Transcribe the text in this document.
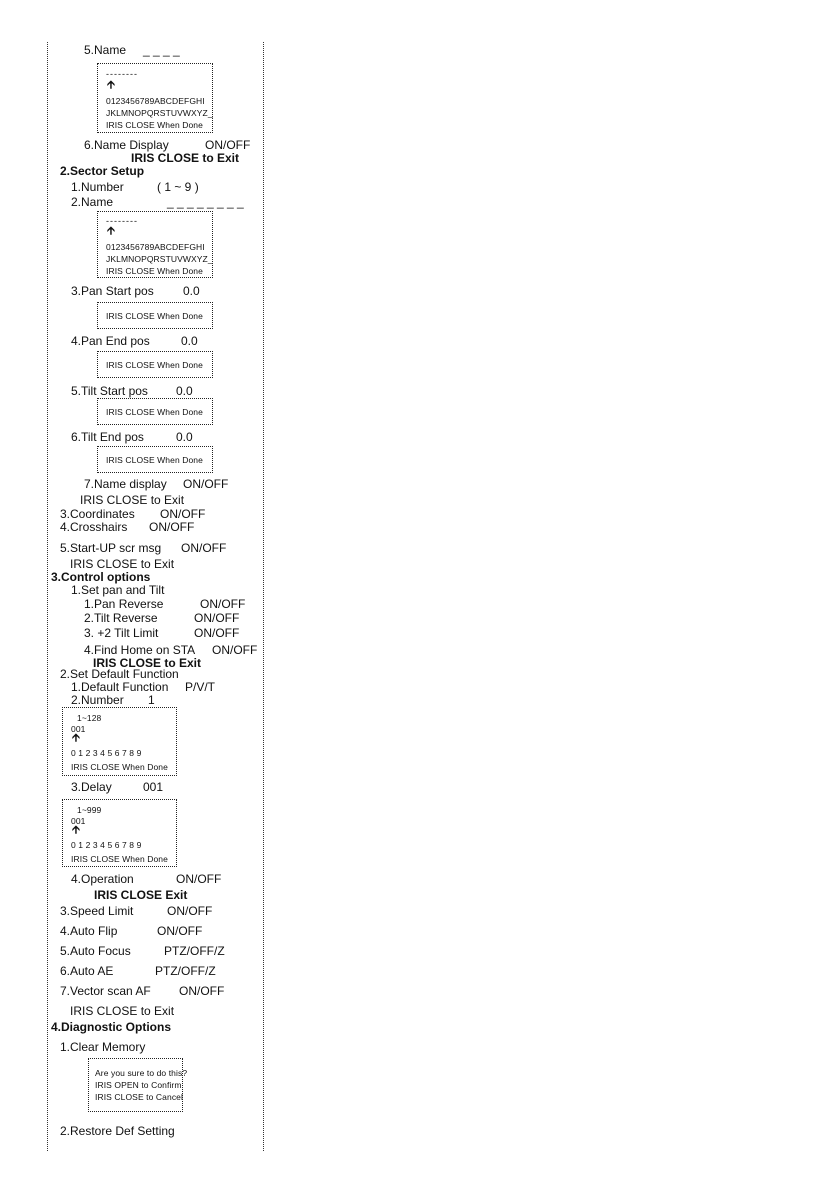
5.Name _ _ _ _
--------
🡩
0123456789ABCDEFGHI
JKLMNOPQRSTUVWXYZ_
IRIS CLOSE When Done
6.Name Display	ON/OFF
IRIS CLOSE to Exit
2.Sector Setup
1.Number	( 1 ~ 9 )
2.Name	_ _ _ _ _ _ _ _
--------
🡩
0123456789ABCDEFGHI
JKLMNOPQRSTUVWXYZ_
IRIS CLOSE When Done
3.Pan Start pos 0.0
IRIS CLOSE When Done
4.Pan End pos	0.0
IRIS CLOSE When Done
5.Tilt Start pos 0.0
IRIS CLOSE When Done
6.Tilt End pos	0.0
IRIS CLOSE When Done
7.Name display ON/OFF
IRIS CLOSE to Exit
3.Coordinates ON/OFF
4.Crosshairs ON/OFF
5.Start-UP scr msg ON/OFF
IRIS CLOSE to Exit
3.Control options
1.Set pan and Tilt
1.Pan Reverse	ON/OFF
2.Tilt Reverse	ON/OFF
3. +2 Tilt Limit	ON/OFF
4.Find Home on STA ON/OFF
IRIS CLOSE to Exit
2.Set Default Function
1.Default Function P/V/T
2.Number 1
1~128
001
🡩
0 1 2 3 4 5 6 7 8 9
IRIS CLOSE When Done
3.Delay	001
1~999
001
🡩
0 1 2 3 4 5 6 7 8 9
IRIS CLOSE When Done
4.Operation	ON/OFF
IRIS CLOSE Exit
3.Speed Limit	ON/OFF
4.Auto Flip	ON/OFF
5.Auto Focus	PTZ/OFF/Z
6.Auto AE	PTZ/OFF/Z
7.Vector scan AF ON/OFF
IRIS CLOSE to Exit
4.Diagnostic Options
1.Clear Memory
Are you sure to do this?
IRIS OPEN to Confirm
IRIS CLOSE to Cancel
2.Restore Def Setting
